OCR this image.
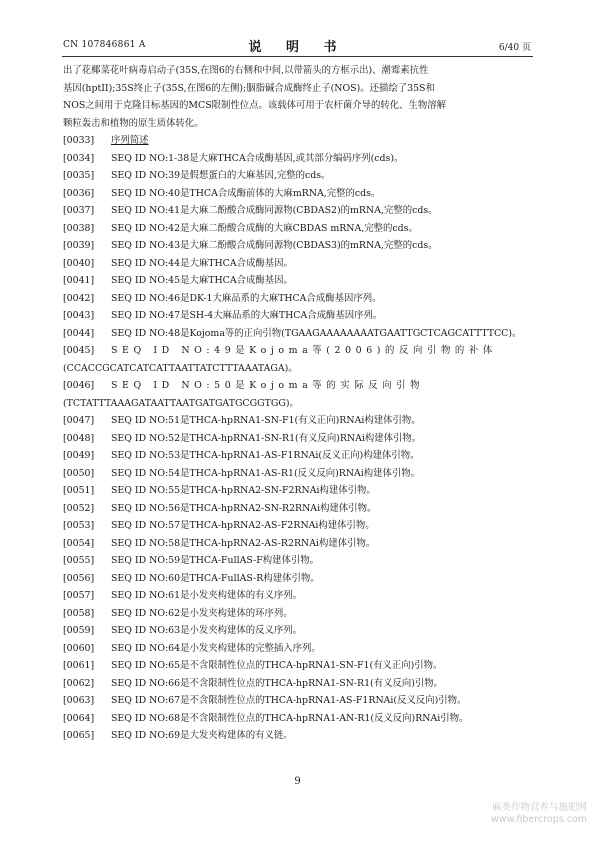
CN 107846861 A	说 明 书	6/40 页
出了花椰菜花叶病毒启动子(35S,在图6的右侧和中间,以带箭头的方框示出)、潮霉素抗性
基因(hptII);35S终止子(35S,在图6的左侧);胭脂碱合成酶终止子(NOS)。还描绘了35S和
NOS之间用于克隆目标基因的MCS限制性位点。该载体可用于农杆菌介导的转化、生物溶解
颗粒轰击和植物的原生质体转化。
[0033]	序列简述
[0034]	SEQ ID NO:1-38是大麻THCA合成酶基因,或其部分编码序列(cds)。
[0035]	SEQ ID NO:39是假想蛋白的大麻基因,完整的cds。
[0036]	SEQ ID NO:40是THCA合成酶前体的大麻mRNA,完整的cds。
[0037]	SEQ ID NO:41是大麻二酚酸合成酶同源物(CBDAS2)的mRNA,完整的cds。
[0038]	SEQ ID NO:42是大麻二酚酸合成酶的大麻CBDAS mRNA,完整的cds。
[0039]	SEQ ID NO:43是大麻二酚酸合成酶同源物(CBDAS3)的mRNA,完整的cds。
[0040]	SEQ ID NO:44是大麻THCA合成酶基因。
[0041]	SEQ ID NO:45是大麻THCA合成酶基因。
[0042]	SEQ ID NO:46是DK-1大麻品系的大麻THCA合成酶基因序列。
[0043]	SEQ ID NO:47是SH-4大麻品系的大麻THCA合成酶基因序列。
[0044]	SEQ ID NO:48是Kojoma等的正向引物(TGAAGAAAAAAAATGAATTGCTCAGCATTTTCC)。
[0045]	SEQ ID NO:49是Kojoma等(2006)的反向引物的补体
(CCACCGCATCATCATTAATTATCTTTAAATAGA)。
[0046]	SEQ ID NO:50是Kojoma等的实际反向引物
(TCTATTTAAAGATAATTAATGATGATGCGGTGG)。
[0047]	SEQ ID NO:51是THCA-hpRNA1-SN-F1(有义正向)RNAi构建体引物。
[0048]	SEQ ID NO:52是THCA-hpRNA1-SN-R1(有义反向)RNAi构建体引物。
[0049]	SEQ ID NO:53是THCA-hpRNA1-AS-F1RNAi(反义正向)构建体引物。
[0050]	SEQ ID NO:54是THCA-hpRNA1-AS-R1(反义反向)RNAi构建体引物。
[0051]	SEQ ID NO:55是THCA-hpRNA2-SN-F2RNAi构建体引物。
[0052]	SEQ ID NO:56是THCA-hpRNA2-SN-R2RNAi构建体引物。
[0053]	SEQ ID NO:57是THCA-hpRNA2-AS-F2RNAi构建体引物。
[0054]	SEQ ID NO:58是THCA-hpRNA2-AS-R2RNAi构建体引物。
[0055]	SEQ ID NO:59是THCA-FullAS-F构建体引物。
[0056]	SEQ ID NO:60是THCA-FullAS-R构建体引物。
[0057]	SEQ ID NO:61是小发夹构建体的有义序列。
[0058]	SEQ ID NO:62是小发夹构建体的环序列。
[0059]	SEQ ID NO:63是小发夹构建体的反义序列。
[0060]	SEQ ID NO:64是小发夹构建体的完整插入序列。
[0061]	SEQ ID NO:65是不含限制性位点的THCA-hpRNA1-SN-F1(有义正向)引物。
[0062]	SEQ ID NO:66是不含限制性位点的THCA-hpRNA1-SN-R1(有义反向)引物。
[0063]	SEQ ID NO:67是不含限制性位点的THCA-hpRNA1-AS-F1RNAi(反义反向)引物。
[0064]	SEQ ID NO:68是不含限制性位点的THCA-hpRNA1-AN-R1(反义反向)RNAi引物。
[0065]	SEQ ID NO:69是大发夹构建体的有义链。
9
麻类作物营养与施肥网
www.fibercrops.com
